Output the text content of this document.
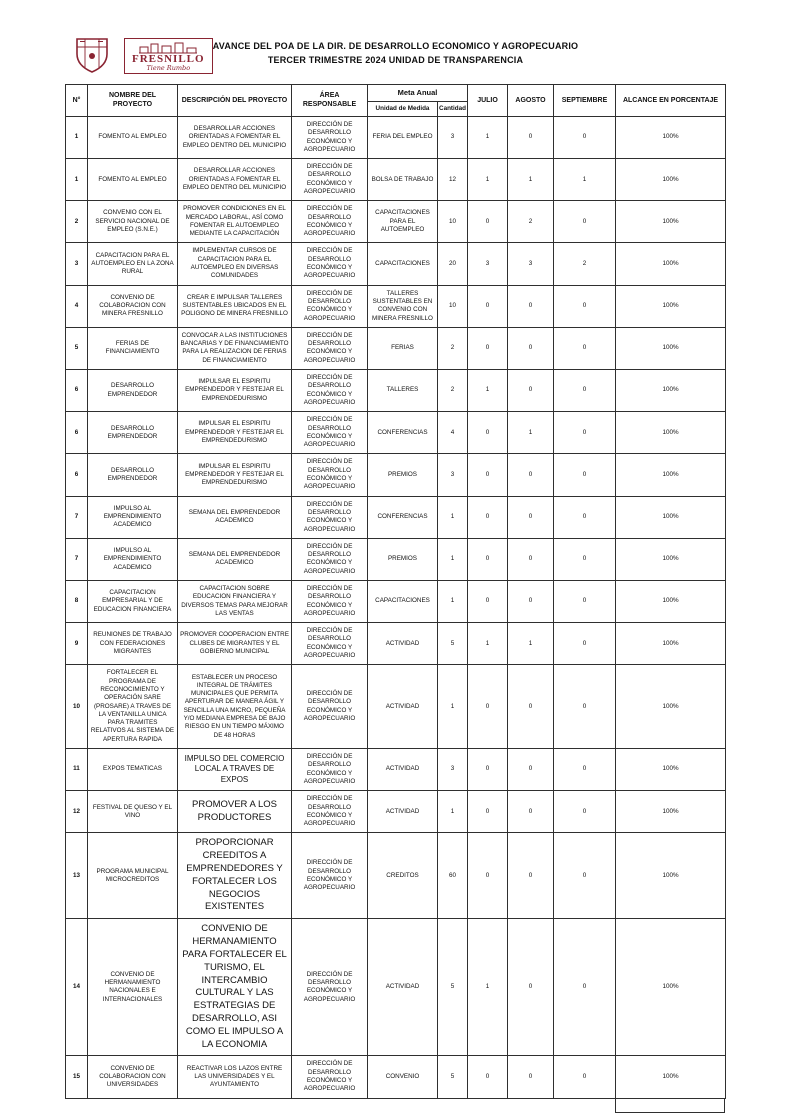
FRESNILLO
Tiene Rumbo
AVANCE DEL POA DE LA DIR. DE DESARROLLO ECONOMICO Y AGROPECUARIO
TERCER TRIMESTRE 2024 UNIDAD DE TRANSPARENCIA
N°	NOMBRE DEL PROYECTO	DESCRIPCIÓN DEL PROYECTO	ÁREA RESPONSABLE	Meta Anual		JULIO	AGOSTO	SEPTIEMBRE	ALCANCE EN PORCENTAJE
				Unidad de Medida	Cantidad				
1	FOMENTO AL EMPLEO	DESARROLLAR ACCIONES ORIENTADAS A FOMENTAR EL EMPLEO DENTRO DEL MUNICIPIO	DIRECCIÓN DE DESARROLLO ECONÓMICO Y AGROPECUARIO	FERIA DEL EMPLEO	3	1	0	0	100%
1	FOMENTO AL EMPLEO	DESARROLLAR ACCIONES ORIENTADAS A FOMENTAR EL EMPLEO DENTRO DEL MUNICIPIO	DIRECCIÓN DE DESARROLLO ECONÓMICO Y AGROPECUARIO	BOLSA DE TRABAJO	12	1	1	1	100%
2	CONVENIO CON EL SERVICIO NACIONAL DE EMPLEO (S.N.E.)	PROMOVER CONDICIONES EN EL MERCADO LABORAL, ASÍ COMO FOMENTAR EL AUTOEMPLEO MEDIANTE LA CAPACITACIÓN	DIRECCIÓN DE DESARROLLO ECONÓMICO Y AGROPECUARIO	CAPACITACIONES PARA EL AUTOEMPLEO	10	0	2	0	100%
3	CAPACITACION PARA EL AUTOEMPLEO EN LA ZONA RURAL	IMPLEMENTAR CURSOS DE CAPACITACION PARA EL AUTOEMPLEO EN DIVERSAS COMUNIDADES	DIRECCIÓN DE DESARROLLO ECONÓMICO Y AGROPECUARIO	CAPACITACIONES	20	3	3	2	100%
4	CONVENIO DE COLABORACION CON MINERA FRESNILLO	CREAR E IMPULSAR TALLERES SUSTENTABLES UBICADOS EN EL POLIGONO DE MINERA FRESNILLO	DIRECCIÓN DE DESARROLLO ECONÓMICO Y AGROPECUARIO	TALLERES SUSTENTABLES EN CONVENIO CON MINERA FRESNILLO	10	0	0	0	100%
5	FERIAS DE FINANCIAMIENTO	CONVOCAR A LAS INSTITUCIONES BANCARIAS Y DE FINANCIAMIENTO PARA LA REALIZACION DE FERIAS DE FINANCIAMIENTO	DIRECCIÓN DE DESARROLLO ECONÓMICO Y AGROPECUARIO	FERIAS	2	0	0	0	100%
6	DESARROLLO EMPRENDEDOR	IMPULSAR EL ESPIRITU EMPRENDEDOR Y FESTEJAR EL EMPRENDEDURISMO	DIRECCIÓN DE DESARROLLO ECONÓMICO Y AGROPECUARIO	TALLERES	2	1	0	0	100%
6	DESARROLLO EMPRENDEDOR	IMPULSAR EL ESPIRITU EMPRENDEDOR Y FESTEJAR EL EMPRENDEDURISMO	DIRECCIÓN DE DESARROLLO ECONÓMICO Y AGROPECUARIO	CONFERENCIAS	4	0	1	0	100%
6	DESARROLLO EMPRENDEDOR	IMPULSAR EL ESPIRITU EMPRENDEDOR Y FESTEJAR EL EMPRENDEDURISMO	DIRECCIÓN DE DESARROLLO ECONÓMICO Y AGROPECUARIO	PREMIOS	3	0	0	0	100%
7	IMPULSO AL EMPRENDIMIENTO ACADEMICO	SEMANA DEL EMPRENDEDOR ACADEMICO	DIRECCIÓN DE DESARROLLO ECONÓMICO Y AGROPECUARIO	CONFERENCIAS	1	0	0	0	100%
7	IMPULSO AL EMPRENDIMIENTO ACADEMICO	SEMANA DEL EMPRENDEDOR ACADEMICO	DIRECCIÓN DE DESARROLLO ECONÓMICO Y AGROPECUARIO	PREMIOS	1	0	0	0	100%
8	CAPACITACION EMPRESARIAL Y DE EDUCACION FINANCIERA	CAPACITACION SOBRE EDUCACION FINANCIERA Y DIVERSOS TEMAS PARA MEJORAR LAS VENTAS	DIRECCIÓN DE DESARROLLO ECONÓMICO Y AGROPECUARIO	CAPACITACIONES	1	0	0	0	100%
9	REUNIONES DE TRABAJO CON FEDERACIONES MIGRANTES	PROMOVER COOPERACION ENTRE CLUBES DE MIGRANTES Y EL GOBIERNO MUNICIPAL	DIRECCIÓN DE DESARROLLO ECONÓMICO Y AGROPECUARIO	ACTIVIDAD	5	1	1	0	100%
10	FORTALECER EL PROGRAMA DE RECONOCIMIENTO Y OPERACIÓN SARE (PROSARE) A TRAVES DE LA VENTANILLA UNICA PARA TRAMITES RELATIVOS AL SISTEMA DE APERTURA RAPIDA	ESTABLECER UN PROCESO INTEGRAL DE TRÁMITES MUNICIPALES QUE PERMITA APERTURAR DE MANERA ÁGIL Y SENCILLA UNA MICRO, PEQUEÑA Y/O MEDIANA EMPRESA DE BAJO RIESGO EN UN TIEMPO MÁXIMO DE 48 HORAS	DIRECCIÓN DE DESARROLLO ECONÓMICO Y AGROPECUARIO	ACTIVIDAD	1	0	0	0	100%
11	EXPOS TEMATICAS	IMPULSO DEL COMERCIO LOCAL A TRAVES DE EXPOS	DIRECCIÓN DE DESARROLLO ECONÓMICO Y AGROPECUARIO	ACTIVIDAD	3	0	0	0	100%
12	FESTIVAL DE QUESO Y EL VINO	PROMOVER A LOS PRODUCTORES	DIRECCIÓN DE DESARROLLO ECONÓMICO Y AGROPECUARIO	ACTIVIDAD	1	0	0	0	100%
13	PROGRAMA MUNICIPAL MICROCREDITOS	PROPORCIONAR CREEDITOS A EMPRENDEDORES Y FORTALECER LOS NEGOCIOS EXISTENTES	DIRECCIÓN DE DESARROLLO ECONÓMICO Y AGROPECUARIO	CREDITOS	60	0	0	0	100%
14	CONVENIO DE HERMANAMIENTO NACIONALES E INTERNACIONALES	CONVENIO DE HERMANAMIENTO PARA FORTALECER EL TURISMO, EL INTERCAMBIO CULTURAL Y LAS ESTRATEGIAS DE DESARROLLO, ASI COMO EL IMPULSO A LA ECONOMIA	DIRECCIÓN DE DESARROLLO ECONÓMICO Y AGROPECUARIO	ACTIVIDAD	5	1	0	0	100%
15	CONVENIO DE COLABORACION CON UNIVERSIDADES	REACTIVAR LOS LAZOS ENTRE LAS UNIVERSIDADES Y EL AYUNTAMIENTO	DIRECCIÓN DE DESARROLLO ECONÓMICO Y AGROPECUARIO	CONVENIO	5	0	0	0	100%
